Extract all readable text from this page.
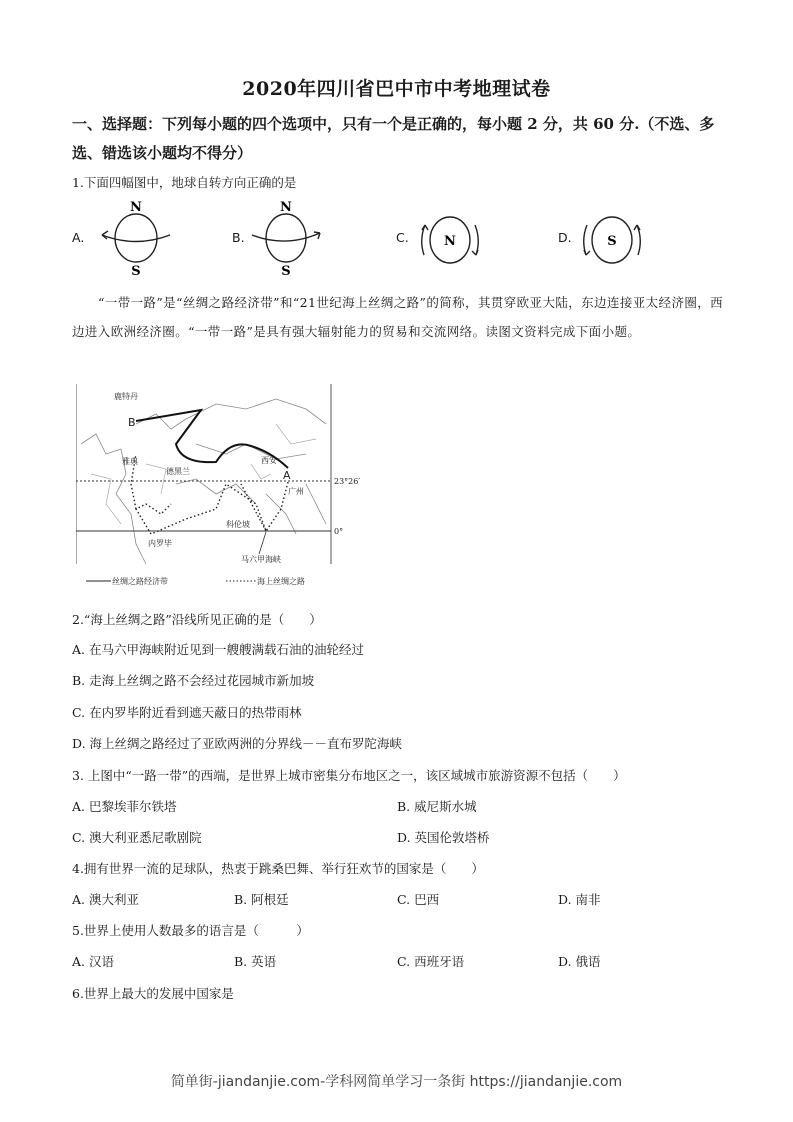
2020年四川省巴中市中考地理试卷
一、选择题：下列每小题的四个选项中，只有一个是正确的，每小题 2 分，共 60 分.（不选、多选、错选该小题均不得分）
1.下面四幅图中，地球自转方向正确的是
A.
N
S
B.
N
S
C.	N	D.	S
“一带一路”是“丝绸之路经济带”和“21世纪海上丝绸之路”的简称，其贯穿欧亚大陆，东边连接亚太经济圈，西边进入欧洲经济圈。“一带一路”是具有强大辐射能力的贸易和交流网络。读图文资料完成下面小题。
鹿特丹
B
雅典
德黑兰
西安
A
广州
科伦坡
内罗毕
马六甲海峡
23°26′
0°
丝绸之路经济带	海上丝绸之路
2.“海上丝绸之路”沿线所见正确的是（　　）
A. 在马六甲海峡附近见到一艘艘满载石油的油轮经过
B. 走海上丝绸之路不会经过花园城市新加坡
C. 在内罗毕附近看到遮天蔽日的热带雨林
D. 海上丝绸之路经过了亚欧两洲的分界线－－直布罗陀海峡
3. 上图中“一路一带”的西端，是世界上城市密集分布地区之一，该区域城市旅游资源不包括（　　）
A. 巴黎埃菲尔铁塔	B. 威尼斯水城
C. 澳大利亚悉尼歌剧院	D. 英国伦敦塔桥
4.拥有世界一流的足球队，热衷于跳桑巴舞、举行狂欢节的国家是（　　）
A. 澳大利亚	B. 阿根廷	C. 巴西	D. 南非
5.世界上使用人数最多的语言是（　　　）
A. 汉语	B. 英语	C. 西班牙语	D. 俄语
6.世界上最大的发展中国家是
简单街-jiandanjie.com-学科网简单学习一条街 https://jiandanjie.com
